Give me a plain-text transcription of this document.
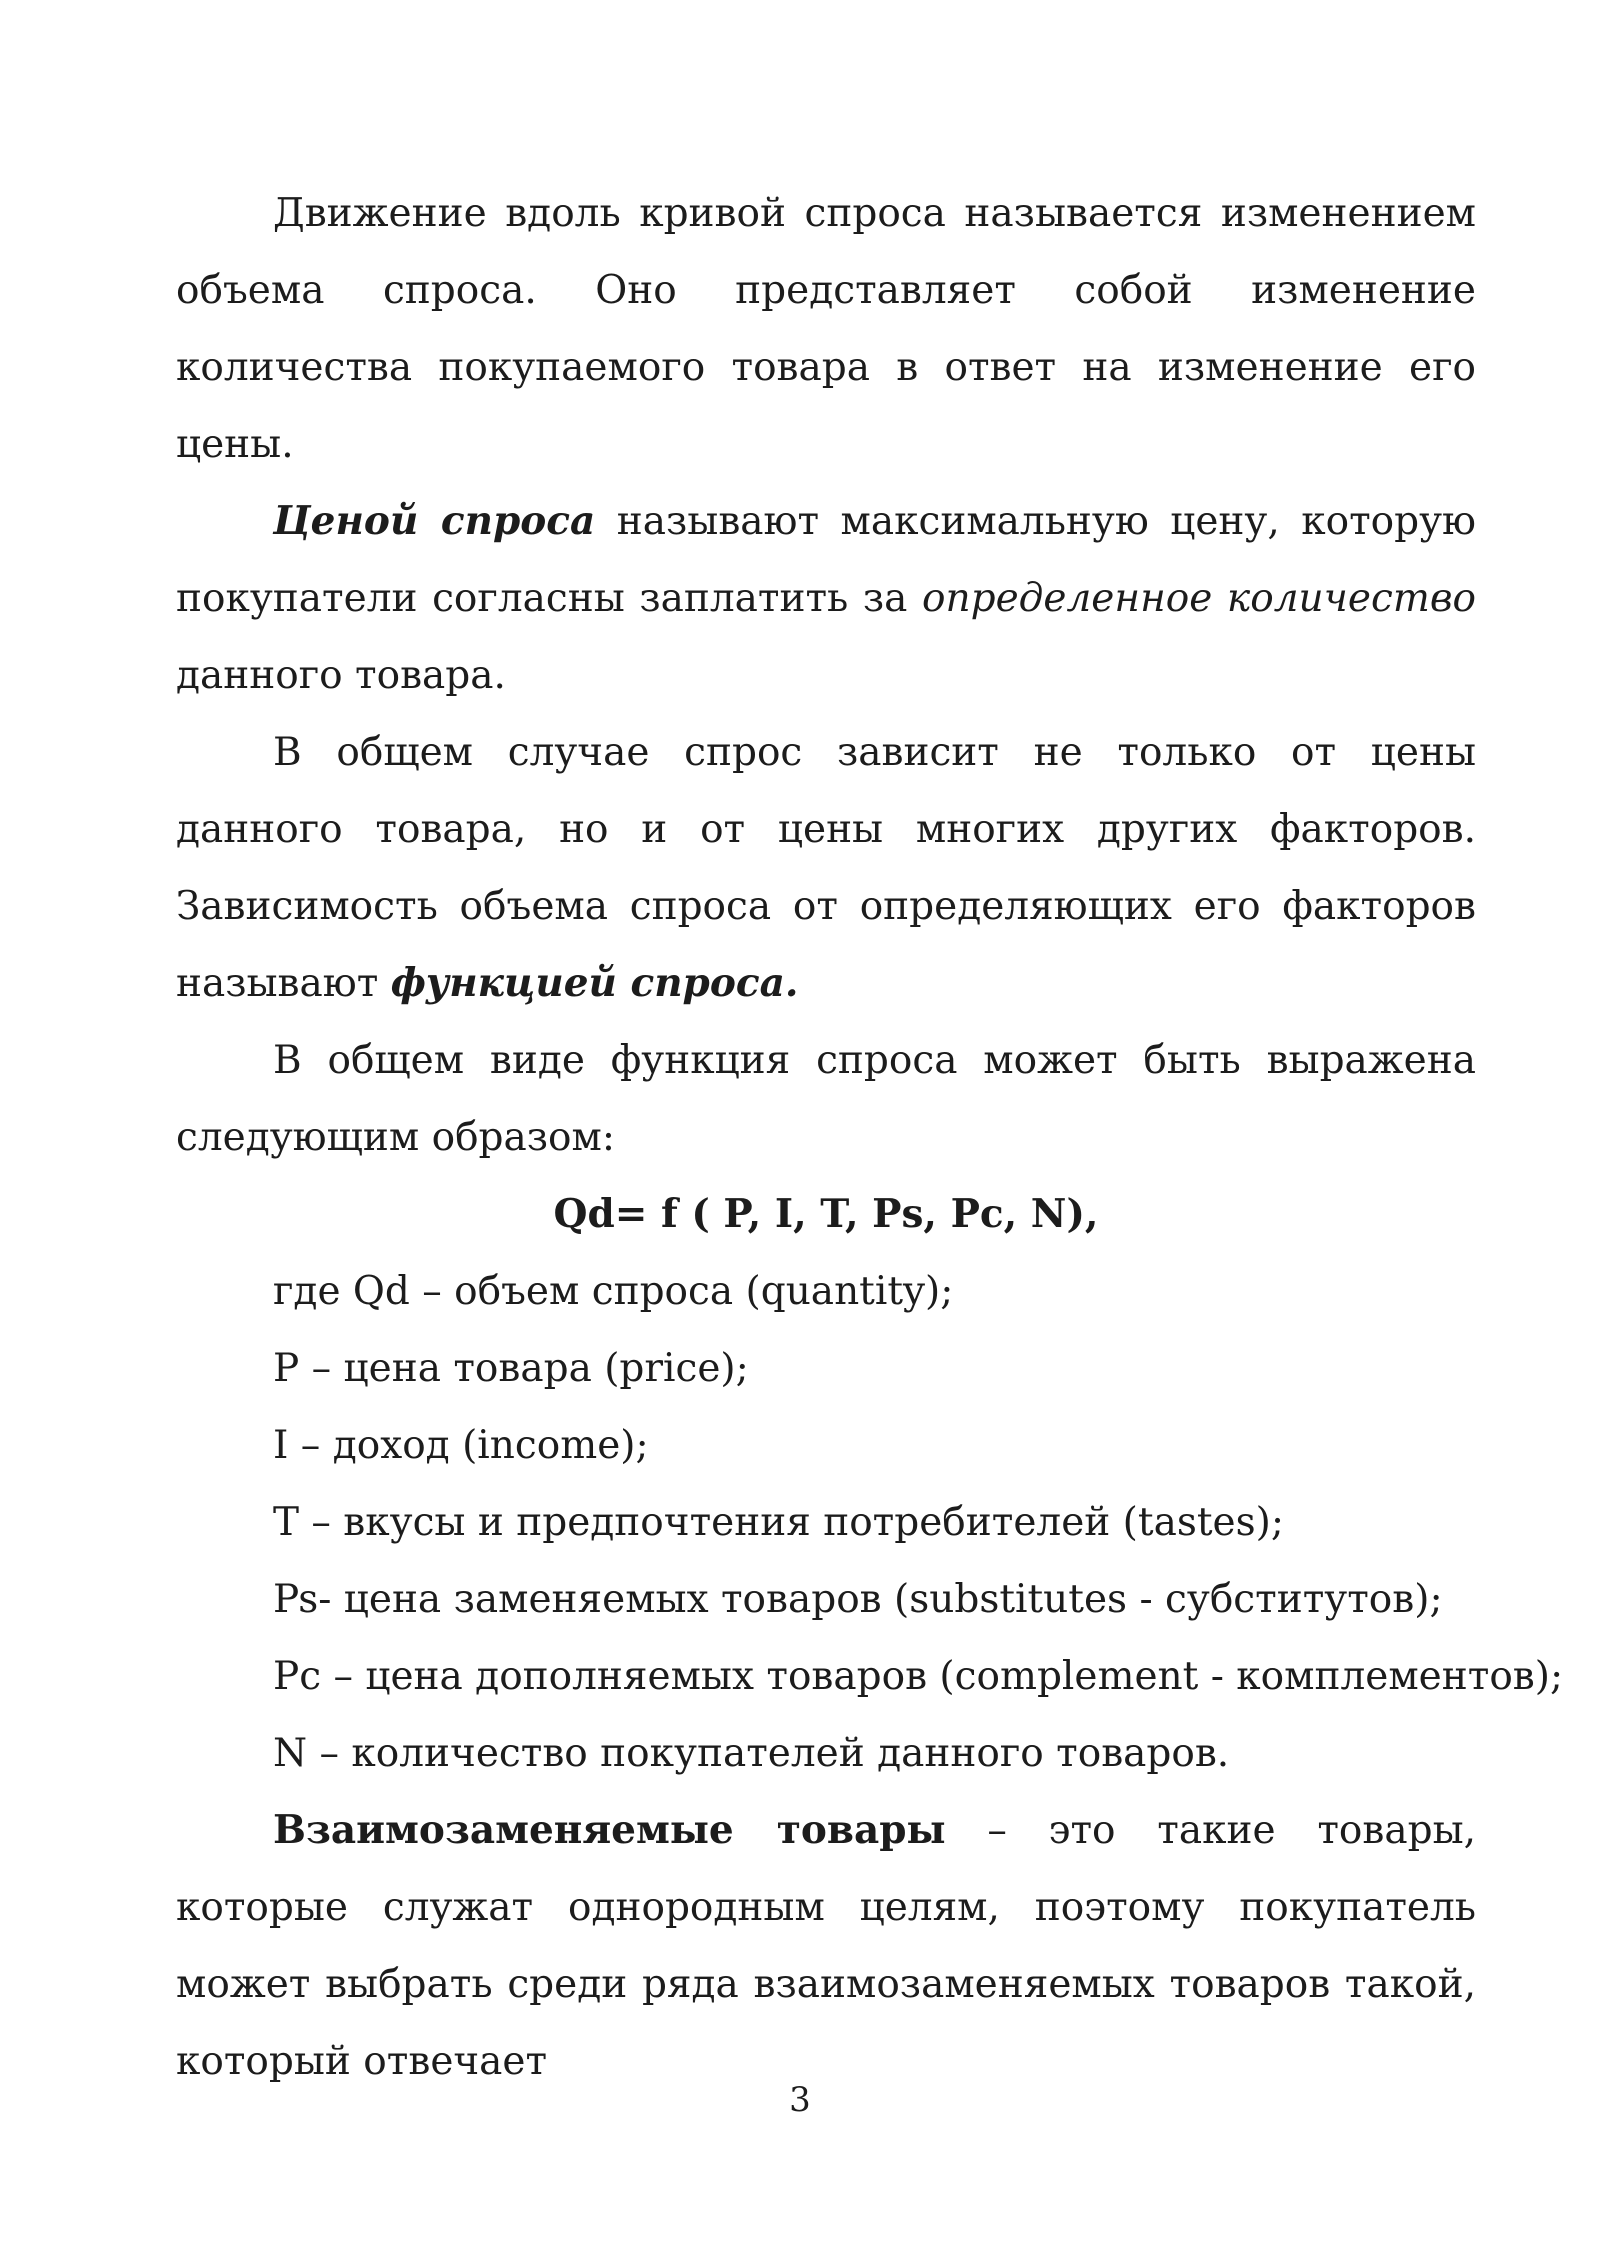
Движение вдоль кривой спроса называется изменением объема спроса. Оно представляет собой изменение количества покупаемого товара в ответ на изменение его цены.

Ценой спроса называют максимальную цену, которую покупатели согласны заплатить за определенное количество данного товара.

В общем случае спрос зависит не только от цены данного товара, но и от цены многих других факторов. Зависимость объема спроса от определяющих его факторов называют функцией спроса.

В общем виде функция спроса может быть выражена следующим образом:

Qd= f ( P, I, T, Ps, Pc, N),

где Qd – объем спроса (quantity);

P – цена товара (price);

I – доход (income);

T – вкусы и предпочтения потребителей (tastes);

Ps- цена заменяемых товаров (substitutes - субститутов);

Pc – цена дополняемых товаров (complement - комплементов);

N – количество покупателей данного товаров.

Взаимозаменяемые товары – это такие товары, которые служат однородным целям, поэтому покупатель может выбрать среди ряда взаимозаменяемых товаров такой, который отвечает

3
